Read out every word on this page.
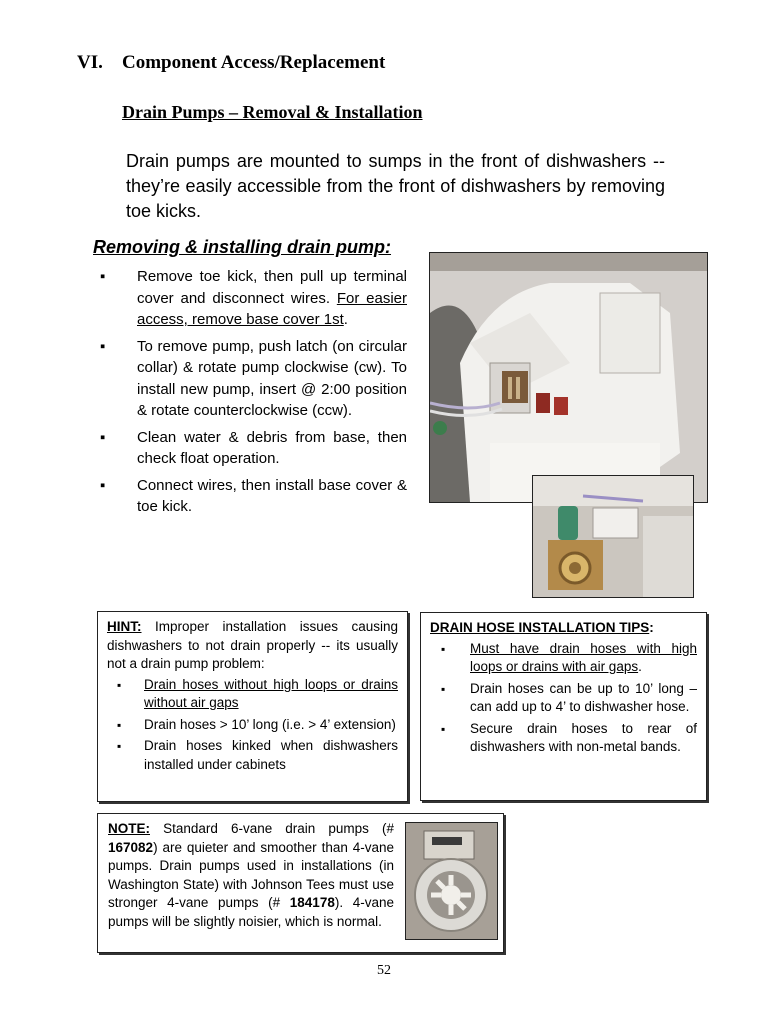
VI. Component Access/Replacement
Drain Pumps – Removal & Installation
Drain pumps are mounted to sumps in the front of dishwashers -- they’re easily accessible from the front of dishwashers by removing toe kicks.
Removing & installing drain pump:
▪ Remove toe kick, then pull up terminal cover and disconnect wires. For easier access, remove base cover 1st.
▪ To remove pump, push latch (on circular collar) & rotate pump clockwise (cw). To install new pump, insert @ 2:00 position & rotate counterclockwise (ccw).
▪ Clean water & debris from base, then check float operation.
▪ Connect wires, then install base cover & toe kick.

HINT: Improper installation issues causing dishwashers to not drain properly -- its usually not a drain pump problem:

▪ Drain hoses without high loops or drains without air gaps
▪ Drain hoses > 10’ long (i.e. > 4’ extension)
▪ Drain hoses kinked when dishwashers installed under cabinets

DRAIN HOSE INSTALLATION TIPS:

▪ Must have drain hoses with high loops or drains with air gaps.
▪ Drain hoses can be up to 10’ long – can add up to 4’ to dishwasher hose.
▪ Secure drain hoses to rear of dishwashers with non-metal bands.

NOTE: Standard 6-vane drain pumps (# 167082) are quieter and smoother than 4-vane pumps. Drain pumps used in installations (in Washington State) with Johnson Tees must use stronger 4-vane pumps (# 184178). 4-vane pumps will be slightly noisier, which is normal.

52
